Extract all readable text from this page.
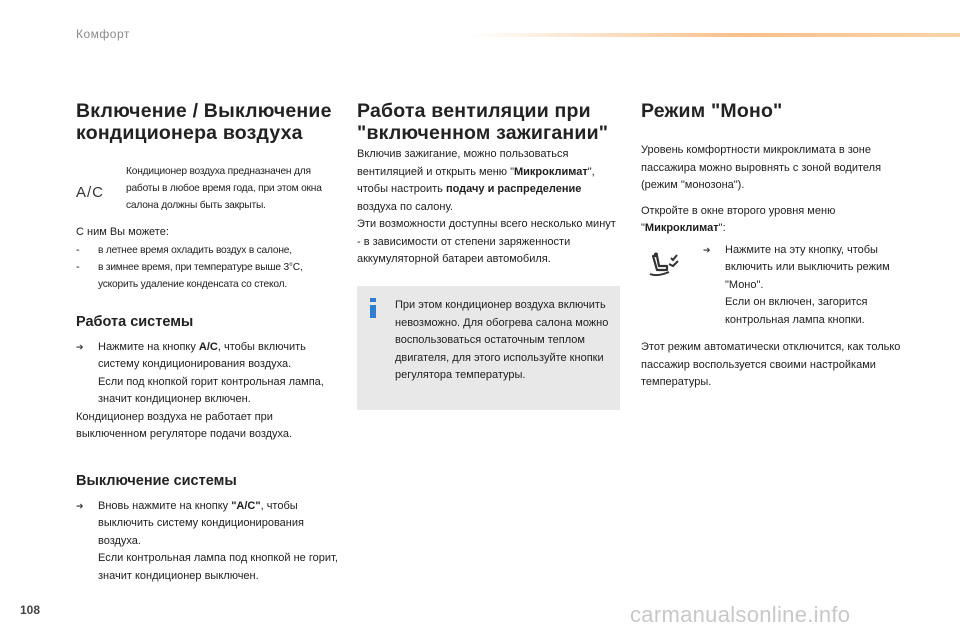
Комфорт
Включение / Выключение кондиционера воздуха
A/C

Кондиционер воздуха предназначен для работы в любое время года, при этом окна салона должны быть закрыты.

С ним Вы можете:

-	в летнее время охладить воздух в салоне,
-	в зимнее время, при температуре выше 3°C, ускорить удаление конденсата со стекол.
Работа системы
➔	Нажмите на кнопку A/C, чтобы включить систему кондиционирования воздуха.
Если под кнопкой горит контрольная лампа, значит кондиционер включен.

Кондиционер воздуха не работает при выключенном регуляторе подачи воздуха.

Выключение системы
➔	Вновь нажмите на кнопку "A/C", чтобы выключить систему кондиционирования воздуха.
Если контрольная лампа под кнопкой не горит, значит кондиционер выключен.

Работа вентиляции при "включенном зажигании"

Включив зажигание, можно пользоваться вентиляцией и открыть меню "Микроклимат", чтобы настроить подачу и распределение воздуха по салону.

Эти возможности доступны всего несколько минут - в зависимости от степени заряженности аккумуляторной батареи автомобиля.

При этом кондиционер воздуха включить невозможно. Для обогрева салона можно воспользоваться остаточным теплом двигателя, для этого используйте кнопки регулятора температуры.

Режим "Моно"

Уровень комфортности микроклимата в зоне пассажира можно выровнять с зоной водителя (режим "монозона").

Откройте в окне второго уровня меню "Микроклимат":

➔	Нажмите на эту кнопку, чтобы включить или выключить режим "Моно".
Если он включен, загорится контрольная лампа кнопки.

Этот режим автоматически отключится, как только пассажир воспользуется своими настройками температуры.

108	carmanualsonline.info
